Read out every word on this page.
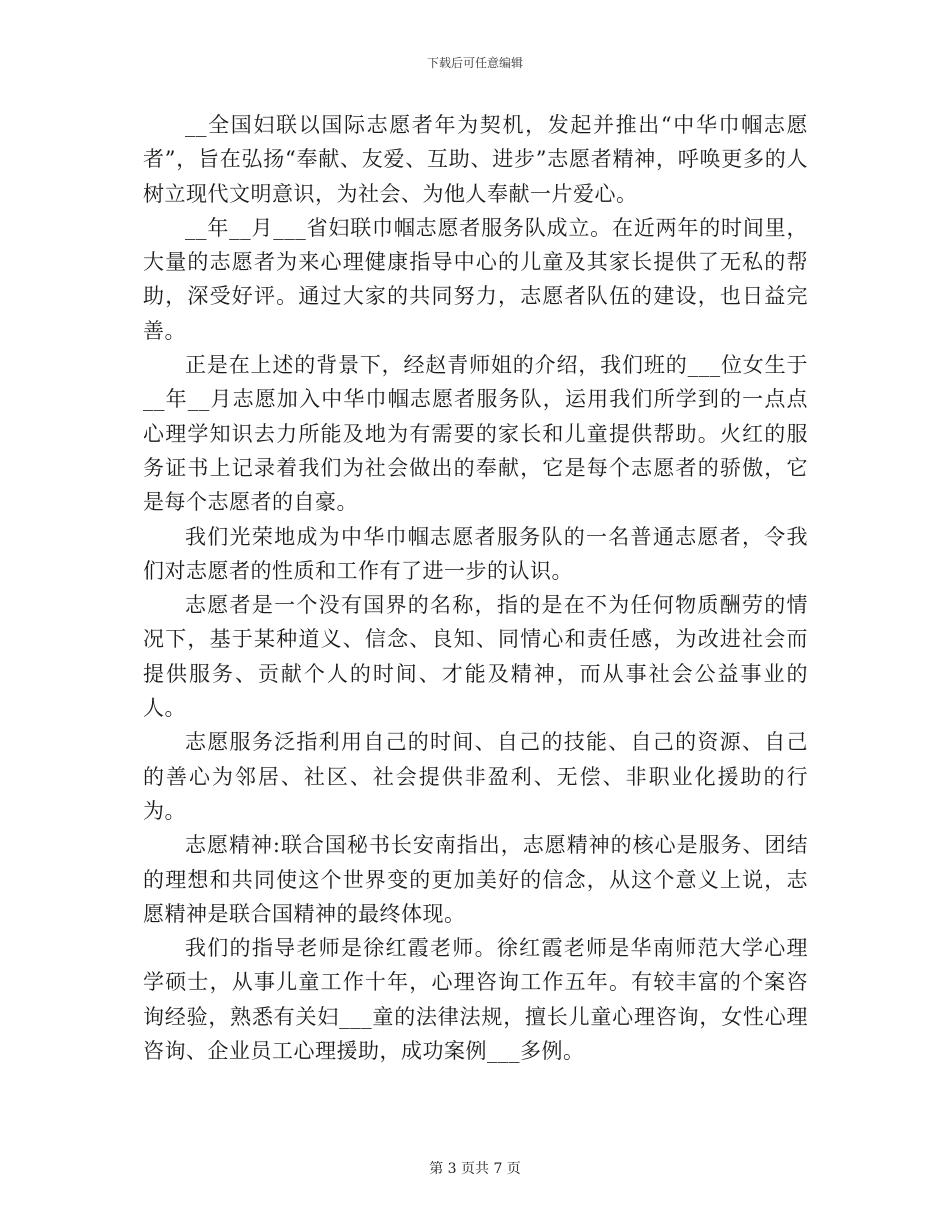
下载后可任意编辑

__全国妇联以国际志愿者年为契机，发起并推出“中华巾帼志愿者”，旨在弘扬“奉献、友爱、互助、进步”志愿者精神，呼唤更多的人树立现代文明意识，为社会、为他人奉献一片爱心。

__年__月___省妇联巾帼志愿者服务队成立。在近两年的时间里，大量的志愿者为来心理健康指导中心的儿童及其家长提供了无私的帮助，深受好评。通过大家的共同努力，志愿者队伍的建设，也日益完善。

正是在上述的背景下，经赵青师姐的介绍，我们班的___位女生于__年__月志愿加入中华巾帼志愿者服务队，运用我们所学到的一点点心理学知识去力所能及地为有需要的家长和儿童提供帮助。火红的服务证书上记录着我们为社会做出的奉献，它是每个志愿者的骄傲，它是每个志愿者的自豪。

我们光荣地成为中华巾帼志愿者服务队的一名普通志愿者，令我们对志愿者的性质和工作有了进一步的认识。

志愿者是一个没有国界的名称，指的是在不为任何物质酬劳的情况下，基于某种道义、信念、良知、同情心和责任感，为改进社会而提供服务、贡献个人的时间、才能及精神，而从事社会公益事业的人。

志愿服务泛指利用自己的时间、自己的技能、自己的资源、自己的善心为邻居、社区、社会提供非盈利、无偿、非职业化援助的行为。

志愿精神:联合国秘书长安南指出，志愿精神的核心是服务、团结的理想和共同使这个世界变的更加美好的信念，从这个意义上说，志愿精神是联合国精神的最终体现。

我们的指导老师是徐红霞老师。徐红霞老师是华南师范大学心理学硕士，从事儿童工作十年，心理咨询工作五年。有较丰富的个案咨询经验，熟悉有关妇___童的法律法规，擅长儿童心理咨询，女性心理咨询、企业员工心理援助，成功案例___多例。

第 3 页共 7 页
